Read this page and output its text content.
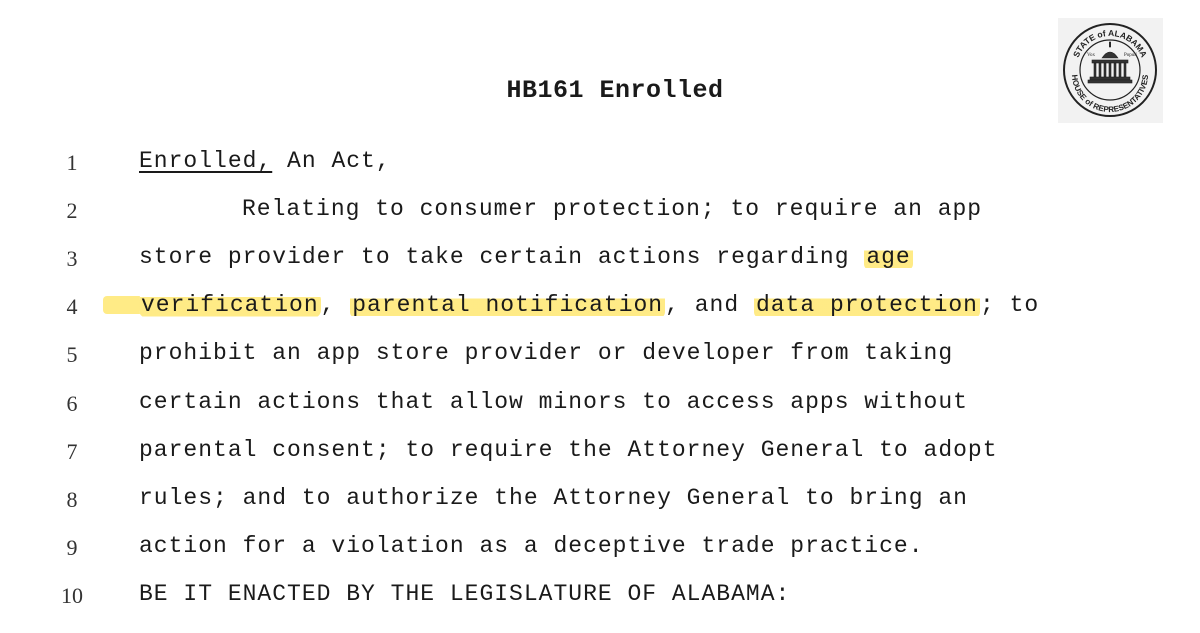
HB161 Enrolled
STATE of ALABAMA
HOUSE of REPRESENTATIVES
Vox	Populi
1
2
3
4
5
6
7
8
9
10
Enrolled, An Act,
Relating to consumer protection; to require an app
store provider to take certain actions regarding age
verification, parental notification, and data protection; to
prohibit an app store provider or developer from taking
certain actions that allow minors to access apps without
parental consent; to require the Attorney General to adopt
rules; and to authorize the Attorney General to bring an
action for a violation as a deceptive trade practice.
BE IT ENACTED BY THE LEGISLATURE OF ALABAMA:
